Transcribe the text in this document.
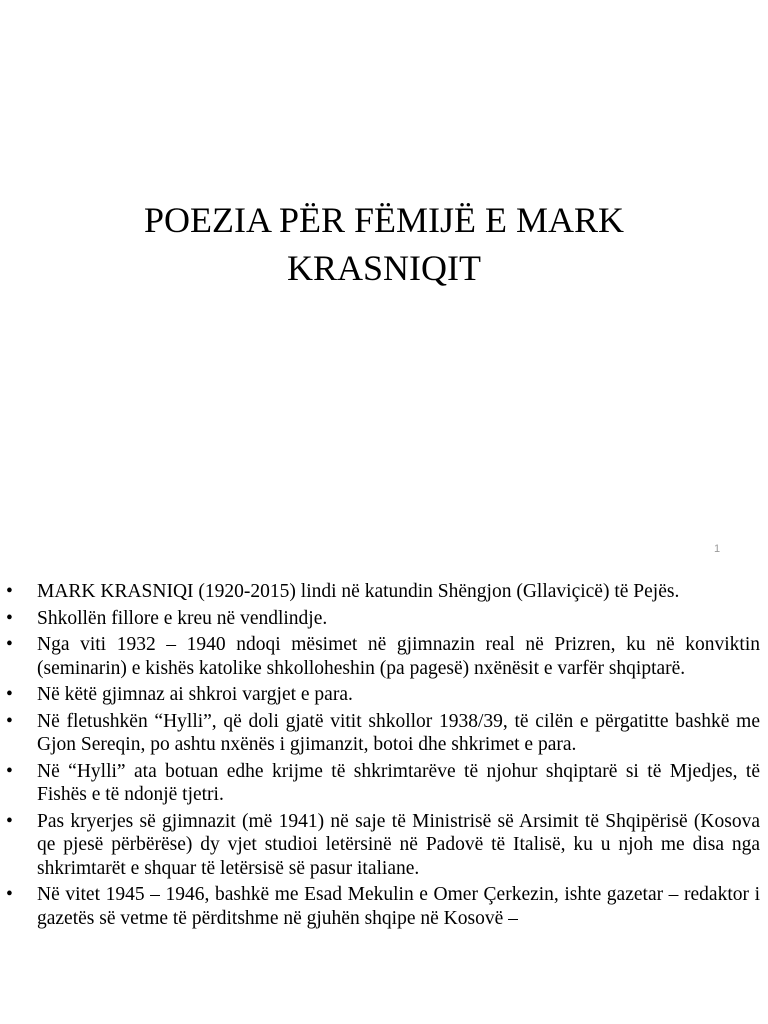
POEZIA PËR FËMIJË E MARK KRASNIQIT
1
•	MARK KRASNIQI (1920-2015) lindi në katundin Shëngjon (Gllaviçicë) të Pejës.
•	Shkollën fillore e kreu në vendlindje.
•	Nga viti 1932 – 1940 ndoqi mësimet në gjimnazin real në Prizren, ku në konviktin (seminarin) e kishës katolike shkolloheshin (pa pagesë) nxënësit e varfër shqiptarë.
•	Në këtë gjimnaz ai shkroi vargjet e para.
•	Në fletushkën “Hylli”, që doli gjatë vitit shkollor 1938/39, të cilën e përgatitte bashkë me Gjon Sereqin, po ashtu nxënës i gjimanzit, botoi dhe shkrimet e para.
•	Në “Hylli” ata botuan edhe krijme të shkrimtarëve të njohur shqiptarë si të Mjedjes, të Fishës e të ndonjë tjetri.
•	Pas kryerjes së gjimnazit (më 1941) në saje të Ministrisë së Arsimit të Shqipërisë (Kosova qe pjesë përbërëse) dy vjet studioi letërsinë në Padovë të Italisë, ku u njoh me disa nga shkrimtarët e shquar të letërsisë së pasur italiane.
•	Në vitet 1945 – 1946, bashkë me Esad Mekulin e Omer Çerkezin, ishte gazetar – redaktor i gazetës së vetme të përditshme në gjuhën shqipe në Kosovë –
